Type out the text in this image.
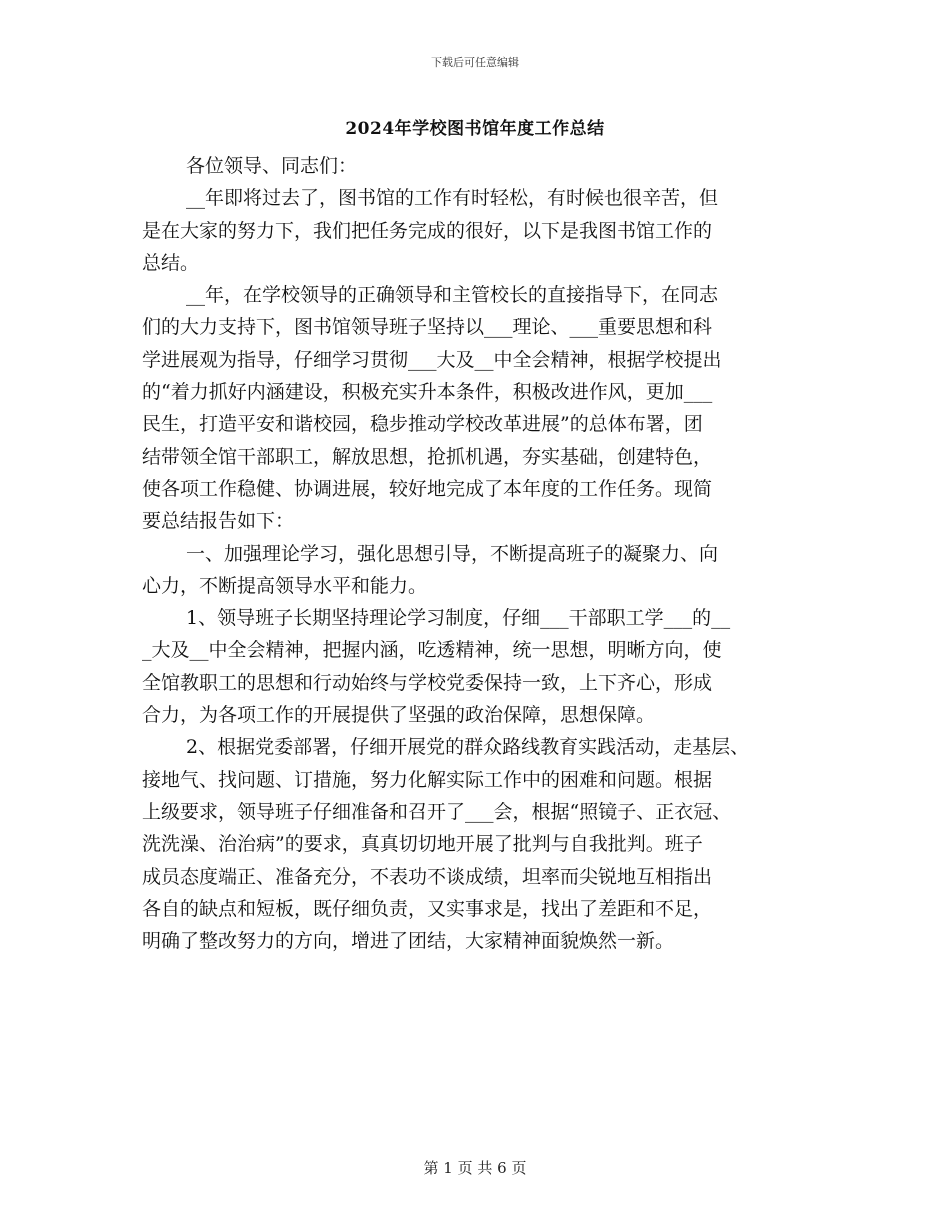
下载后可任意编辑
2024年学校图书馆年度工作总结
各位领导、同志们：
__年即将过去了，图书馆的工作有时轻松，有时候也很辛苦，但
是在大家的努力下，我们把任务完成的很好，以下是我图书馆工作的
总结。
__年，在学校领导的正确领导和主管校长的直接指导下，在同志
们的大力支持下，图书馆领导班子坚持以___理论、___重要思想和科
学进展观为指导，仔细学习贯彻___大及__中全会精神，根据学校提出
的“着力抓好内涵建设，积极充实升本条件，积极改进作风，更加___
民生，打造平安和谐校园，稳步推动学校改革进展”的总体布署，团
结带领全馆干部职工，解放思想，抢抓机遇，夯实基础，创建特色，
使各项工作稳健、协调进展，较好地完成了本年度的工作任务。现简
要总结报告如下：
一、加强理论学习，强化思想引导，不断提高班子的凝聚力、向
心力，不断提高领导水平和能力。
1、领导班子长期坚持理论学习制度，仔细___干部职工学___的__
_大及__中全会精神，把握内涵，吃透精神，统一思想，明晰方向，使
全馆教职工的思想和行动始终与学校党委保持一致，上下齐心，形成
合力，为各项工作的开展提供了坚强的政治保障，思想保障。
2、根据党委部署，仔细开展党的群众路线教育实践活动，走基层、
接地气、找问题、订措施，努力化解实际工作中的困难和问题。根据
上级要求，领导班子仔细准备和召开了___会，根据“照镜子、正衣冠、
洗洗澡、治治病”的要求，真真切切地开展了批判与自我批判。班子
成员态度端正、准备充分，不表功不谈成绩，坦率而尖锐地互相指出
各自的缺点和短板，既仔细负责，又实事求是，找出了差距和不足，
明确了整改努力的方向，增进了团结，大家精神面貌焕然一新。
第 1 页 共 6 页
